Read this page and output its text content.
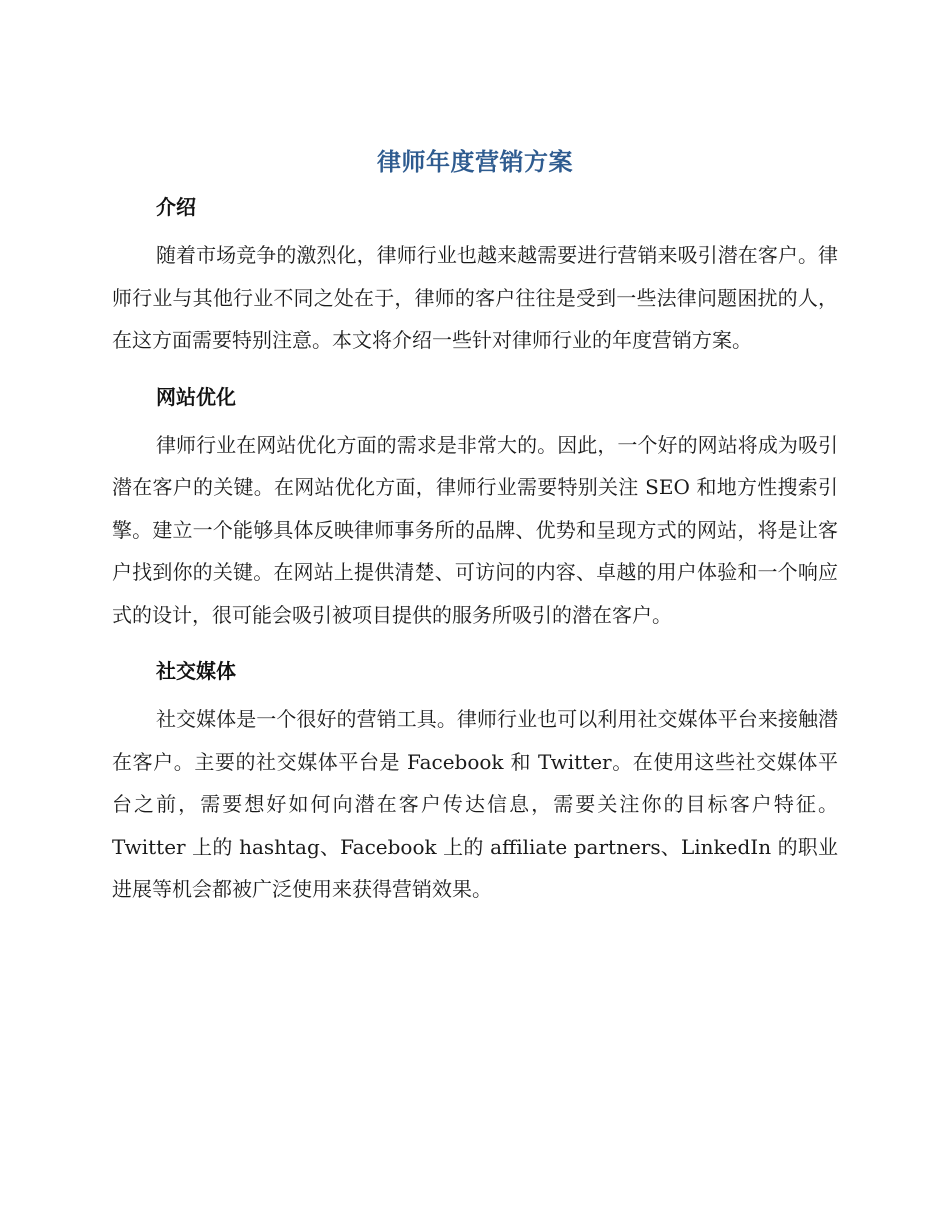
律师年度营销方案
介绍

随着市场竞争的激烈化，律师行业也越来越需要进行营销来吸引潜在客户。律师行业与其他行业不同之处在于，律师的客户往往是受到一些法律问题困扰的人，在这方面需要特别注意。本文将介绍一些针对律师行业的年度营销方案。

网站优化

律师行业在网站优化方面的需求是非常大的。因此，一个好的网站将成为吸引潜在客户的关键。在网站优化方面，律师行业需要特别关注 SEO 和地方性搜索引擎。建立一个能够具体反映律师事务所的品牌、优势和呈现方式的网站，将是让客户找到你的关键。在网站上提供清楚、可访问的内容、卓越的用户体验和一个响应式的设计，很可能会吸引被项目提供的服务所吸引的潜在客户。

社交媒体

社交媒体是一个很好的营销工具。律师行业也可以利用社交媒体平台来接触潜在客户。主要的社交媒体平台是 Facebook 和 Twitter。在使用这些社交媒体平台之前，需要想好如何向潜在客户传达信息，需要关注你的目标客户特征。Twitter 上的 hashtag、Facebook 上的 affiliate partners、LinkedIn 的职业进展等机会都被广泛使用来获得营销效果。
